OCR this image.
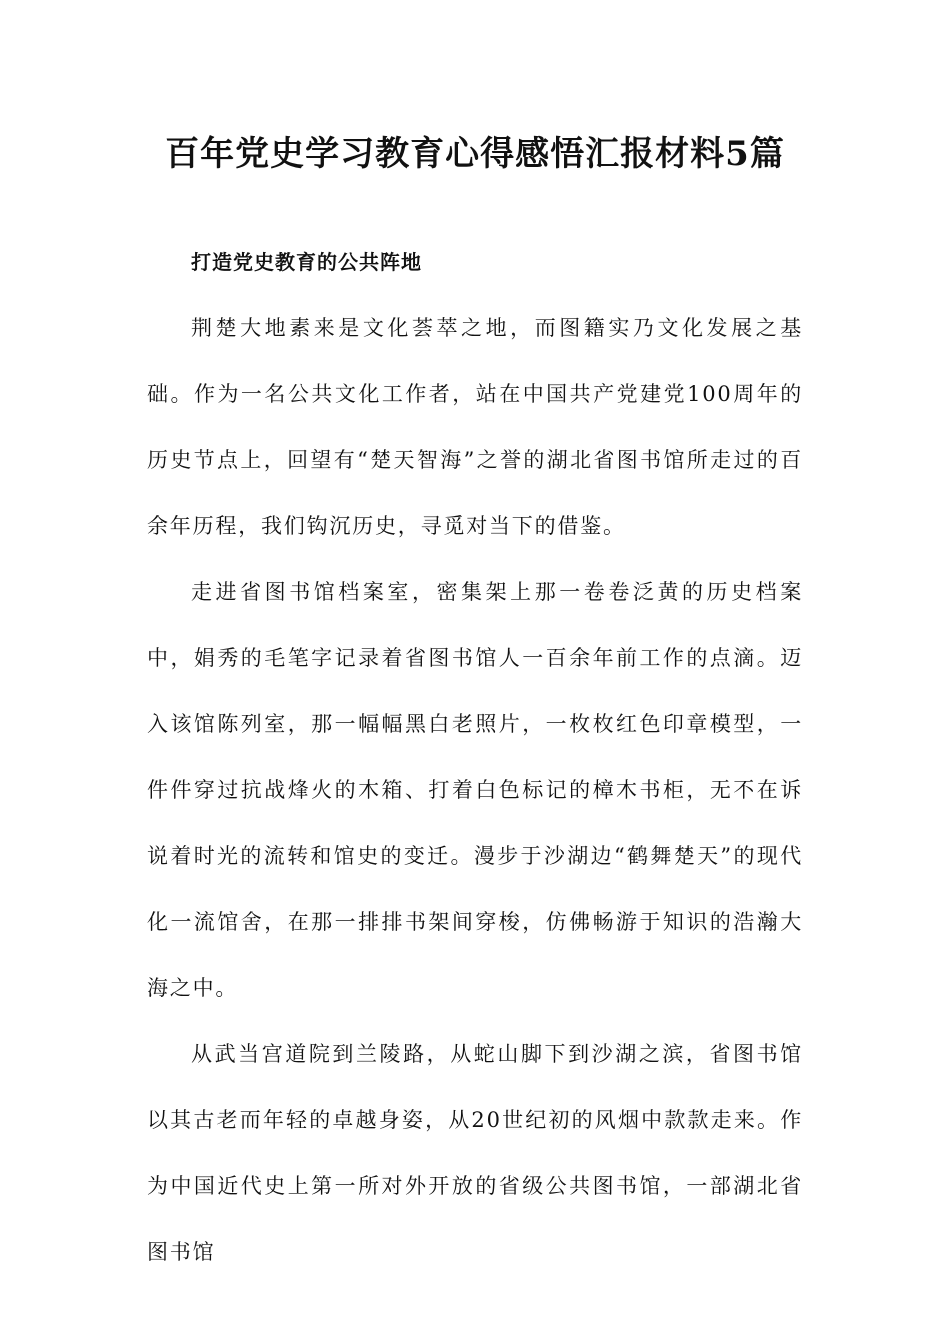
百年党史学习教育心得感悟汇报材料5篇

打造党史教育的公共阵地

荆楚大地素来是文化荟萃之地，而图籍实乃文化发展之基础。作为一名公共文化工作者，站在中国共产党建党100周年的历史节点上，回望有“楚天智海”之誉的湖北省图书馆所走过的百余年历程，我们钩沉历史，寻觅对当下的借鉴。

走进省图书馆档案室，密集架上那一卷卷泛黄的历史档案中，娟秀的毛笔字记录着省图书馆人一百余年前工作的点滴。迈入该馆陈列室，那一幅幅黑白老照片，一枚枚红色印章模型，一件件穿过抗战烽火的木箱、打着白色标记的樟木书柜，无不在诉说着时光的流转和馆史的变迁。漫步于沙湖边“鹤舞楚天”的现代化一流馆舍，在那一排排书架间穿梭，仿佛畅游于知识的浩瀚大海之中。

从武当宫道院到兰陵路，从蛇山脚下到沙湖之滨，省图书馆以其古老而年轻的卓越身姿，从20世纪初的风烟中款款走来。作为中国近代史上第一所对外开放的省级公共图书馆，一部湖北省图书馆
